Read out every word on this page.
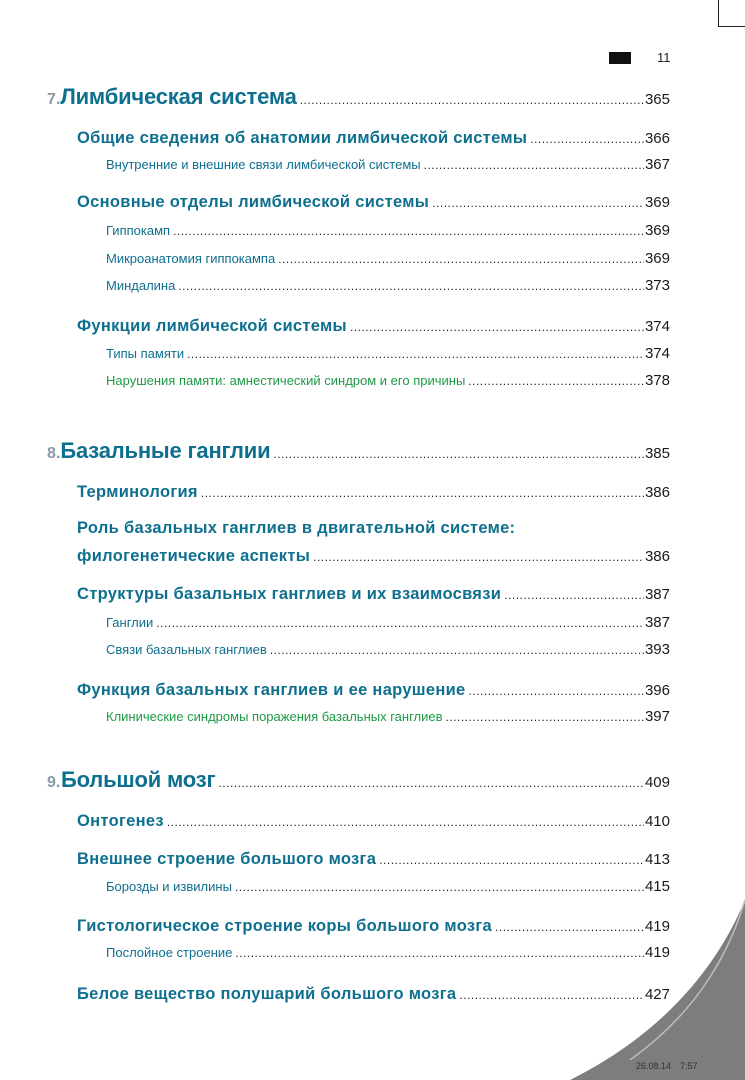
11
7. Лимбическая система .....	365
Общие сведения об анатомии лимбической системы .....	366
Внутренние и внешние связи лимбической системы .....	367
Основные отделы лимбической системы .....	369
Гиппокамп .....	369
Микроанатомия гиппокампа .....	369
Миндалина .....	373
Функции лимбической системы .....	374
Типы памяти .....	374
Нарушения памяти: амнестический синдром и его причины .....	378
8. Базальные ганглии .....	385
Терминология .....	386
Роль базальных ганглиев в двигательной системе:
филогенетические аспекты .....	386
Структуры базальных ганглиев и их взаимосвязи .....	387
Ганглии .....	387
Связи базальных ганглиев .....	393
Функция базальных ганглиев и ее нарушение .....	396
Клинические синдромы поражения базальных ганглиев .....	397
9. Большой мозг .....	409
Онтогенез .....	410
Внешнее строение большого мозга .....	413
Борозды и извилины .....	415
Гистологическое строение коры большого мозга .....	419
Послойное строение .....	419
Белое вещество полушарий большого мозга .....	427
26.08.14 7:57
